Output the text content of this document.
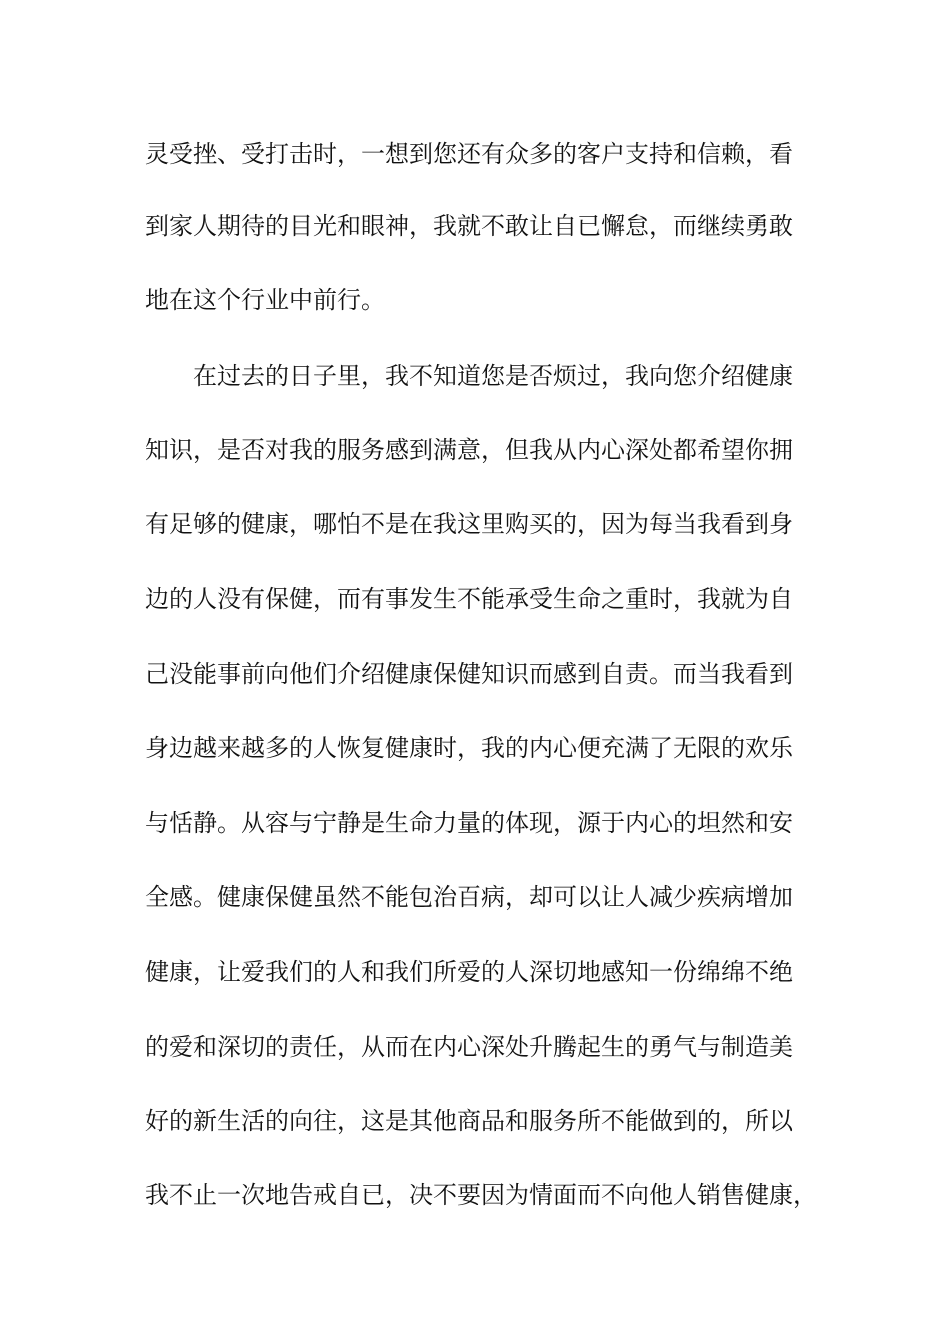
灵受挫、受打击时，一想到您还有众多的客户支持和信赖，看
到家人期待的目光和眼神，我就不敢让自已懈怠，而继续勇敢
地在这个行业中前行。
在过去的日子里，我不知道您是否烦过，我向您介绍健康
知识，是否对我的服务感到满意，但我从内心深处都希望你拥
有足够的健康，哪怕不是在我这里购买的，因为每当我看到身
边的人没有保健，而有事发生不能承受生命之重时，我就为自
己没能事前向他们介绍健康保健知识而感到自责。而当我看到
身边越来越多的人恢复健康时，我的内心便充满了无限的欢乐
与恬静。从容与宁静是生命力量的体现，源于内心的坦然和安
全感。健康保健虽然不能包治百病，却可以让人减少疾病增加
健康，让爱我们的人和我们所爱的人深切地感知一份绵绵不绝
的爱和深切的责任，从而在内心深处升腾起生的勇气与制造美
好的新生活的向往，这是其他商品和服务所不能做到的，所以
我不止一次地告戒自已，决不要因为情面而不向他人销售健康，
